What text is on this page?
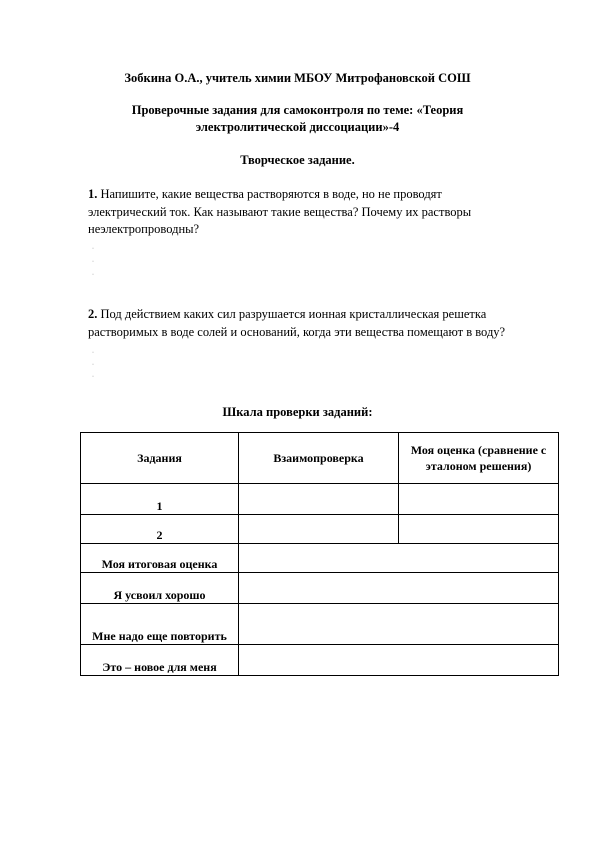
Зобкина О.А., учитель химии МБОУ Митрофановской СОШ
Проверочные задания для самоконтроля по теме: «Теория
электролитической диссоциации»-4
Творческое задание.
1. Напишите, какие вещества растворяются в воде, но не проводят
электрический ток. Как называют такие вещества? Почему их растворы
неэлектропроводны?
·
·
·
2. Под действием каких сил разрушается ионная кристаллическая решетка
растворимых в воде солей и оснований, когда эти вещества помещают в воду?
·
·
·
Шкала проверки заданий:
Задания	Взаимопроверка	Моя оценка (сравнение с эталоном решения)
1		
2		
Моя итоговая оценка		
Я усвоил хорошо		
Мне надо еще повторить		
Это – новое для меня		
